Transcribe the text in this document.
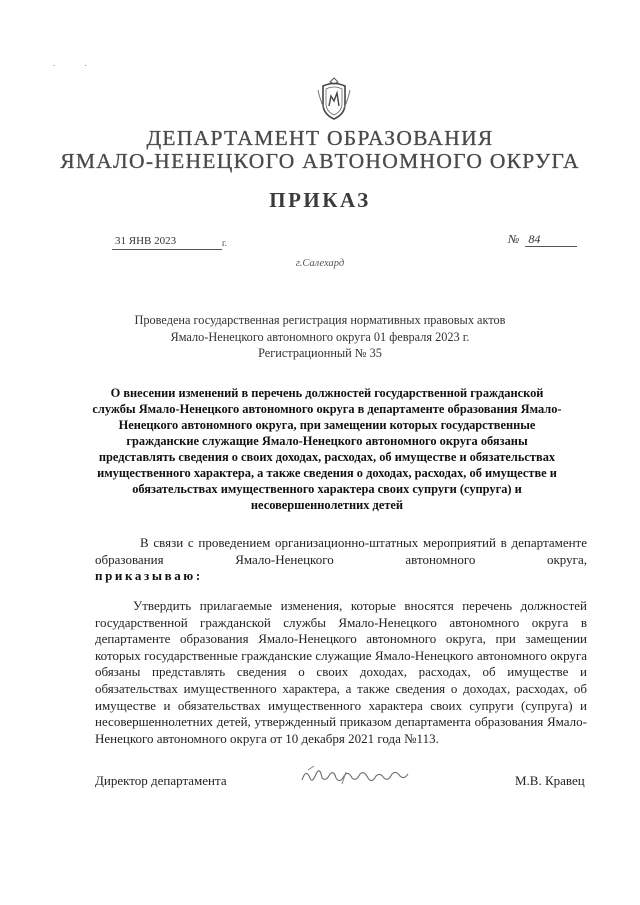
. .
ДЕПАРТАМЕНТ ОБРАЗОВАНИЯ
ЯМАЛО-НЕНЕЦКОГО АВТОНОМНОГО ОКРУГА
ПРИКАЗ
31 ЯНВ 2023	г.	№ 84
г.Салехард
Проведена государственная регистрация нормативных правовых актов
Ямало-Ненецкого автономного округа 01 февраля 2023 г.
Регистрационный № 35
О внесении изменений в перечень должностей государственной гражданской службы Ямало-Ненецкого автономного округа в департаменте образования Ямало-Ненецкого автономного округа, при замещении которых государственные гражданские служащие Ямало-Ненецкого автономного округа обязаны представлять сведения о своих доходах, расходах, об имуществе и обязательствах имущественного характера, а также сведения о доходах, расходах, об имуществе и обязательствах имущественного характера своих супруги (супруга) и несовершеннолетних детей
В связи с проведением организационно-штатных мероприятий в департаменте образования Ямало-Ненецкого автономного округа,
приказываю:
Утвердить прилагаемые изменения, которые вносятся перечень должностей государственной гражданской службы Ямало-Ненецкого автономного округа в департаменте образования Ямало-Ненецкого автономного округа, при замещении которых государственные гражданские служащие Ямало-Ненецкого автономного округа обязаны представлять сведения о своих доходах, расходах, об имуществе и обязательствах имущественного характера, а также сведения о доходах, расходах, об имуществе и обязательствах имущественного характера своих супруги (супруга) и несовершеннолетних детей, утвержденный приказом департамента образования Ямало-Ненецкого автономного округа от 10 декабря 2021 года №113.
Директор департамента	М.В. Кравец
